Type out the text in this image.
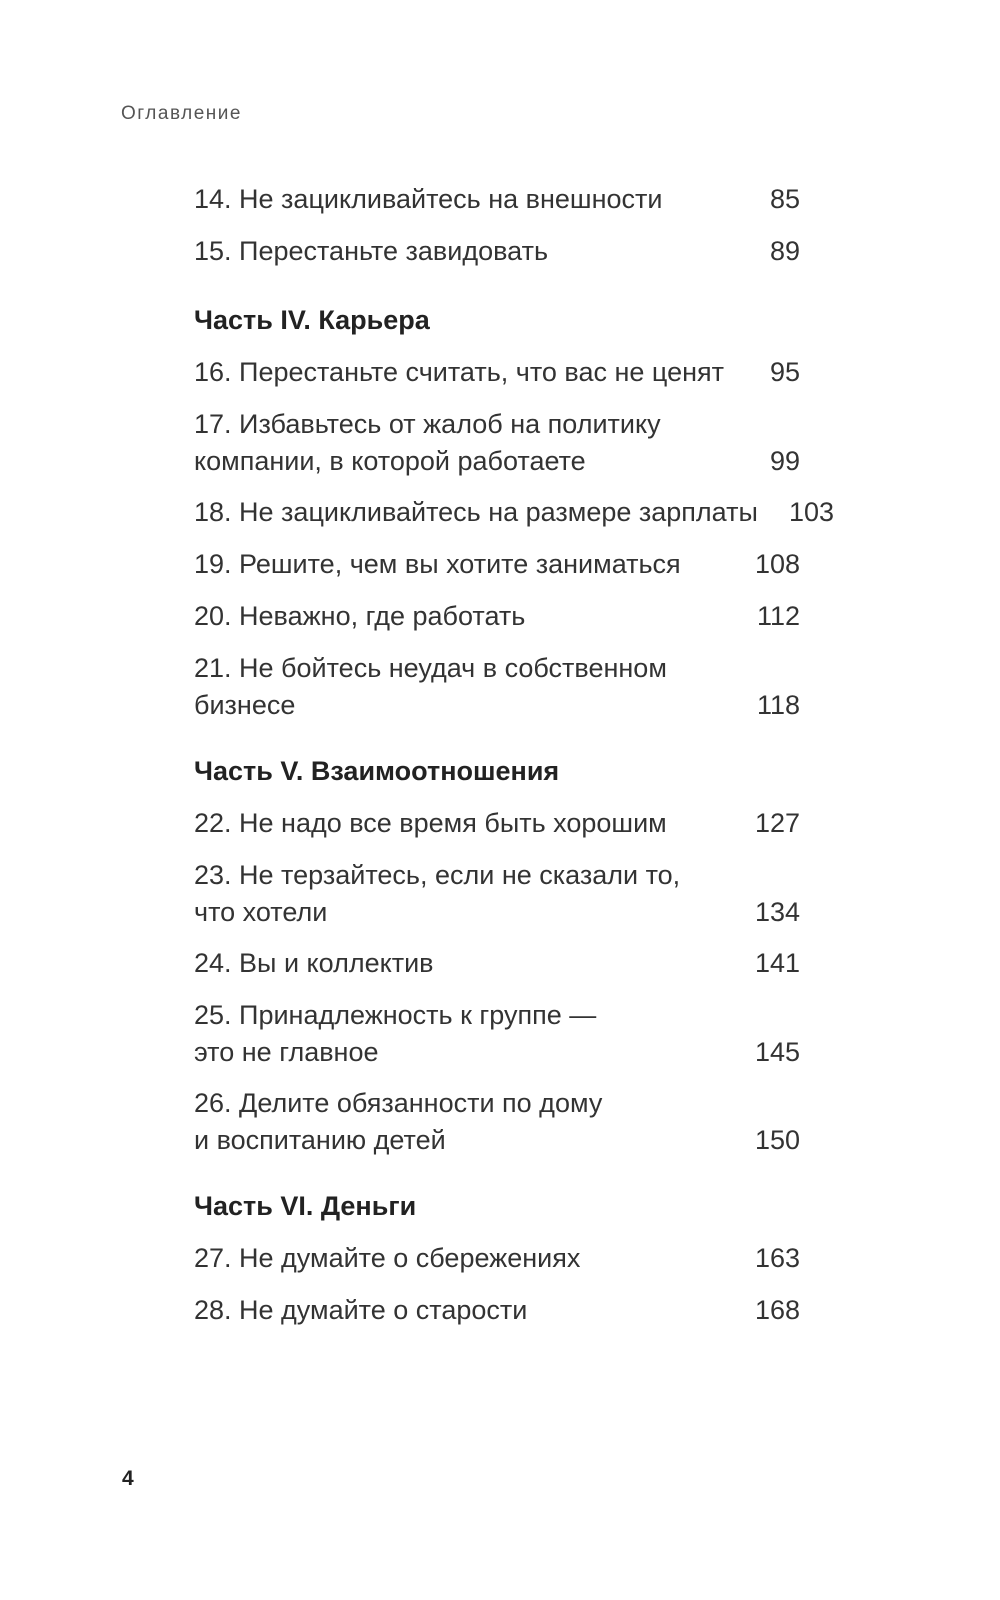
Оглавление
14. Не зацикливайтесь на внешности	85
15. Перестаньте завидовать	89
Часть IV. Карьера
16. Перестаньте считать, что вас не ценят	95
17. Избавьтесь от жалоб на политику
компании, в которой работаете	99
18. Не зацикливайтесь на размере зарплаты	103
19. Решите, чем вы хотите заниматься	108
20. Неважно, где работать	112
21. Не бойтесь неудач в собственном
бизнесе	118
Часть V. Взаимоотношения
22. Не надо все время быть хорошим	127
23. Не терзайтесь, если не сказали то,
что хотели	134
24. Вы и коллектив	141
25. Принадлежность к группе —
это не главное	145
26. Делите обязанности по дому
и воспитанию детей	150
Часть VI. Деньги
27. Не думайте о сбережениях	163
28. Не думайте о старости	168
4
